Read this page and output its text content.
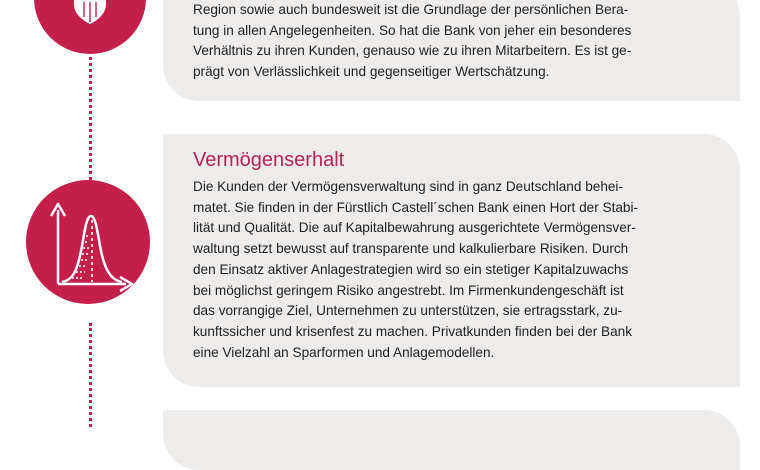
Region sowie auch bundesweit ist die Grundlage der persönlichen Bera-
tung in allen Angelegenheiten. So hat die Bank von jeher ein besonderes
Verhältnis zu ihren Kunden, genauso wie zu ihren Mitarbeitern. Es ist ge-
prägt von Verlässlichkeit und gegenseitiger Wertschätzung.

Vermögenserhalt

Die Kunden der Vermögensverwaltung sind in ganz Deutschland behei-
matet. Sie finden in der Fürstlich Castell´schen Bank einen Hort der Stabi-
lität und Qualität. Die auf Kapitalbewahrung ausgerichtete Vermögensver-
waltung setzt bewusst auf transparente und kalkulierbare Risiken. Durch
den Einsatz aktiver Anlagestrategien wird so ein stetiger Kapitalzuwachs
bei möglichst geringem Risiko angestrebt. Im Firmenkundengeschäft ist
das vorrangige Ziel, Unternehmen zu unterstützen, sie ertragsstark, zu-
kunftssicher und krisenfest zu machen. Privatkunden finden bei der Bank
eine Vielzahl an Sparformen und Anlagemodellen.
